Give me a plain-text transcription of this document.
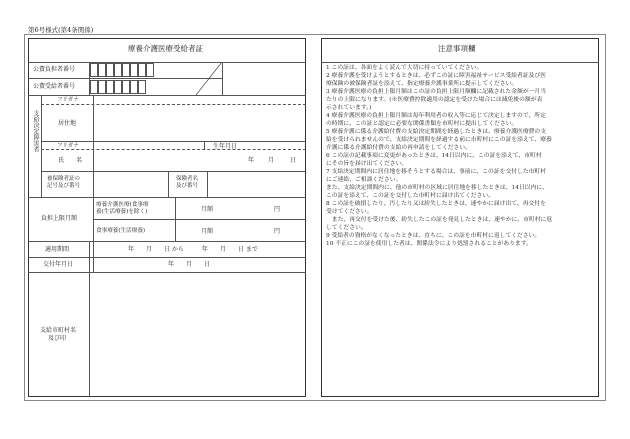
第6号様式(第4条関係)
療養介護医療受給者証
公費負担者番号
公費受給者番号
支給決定障害者
フリガナ
居住地
フリガナ	生年月日
氏　　名	年 月	日
被保険者証の
記号及び番号
保険者名
及び番号
負担上限月額
療養介護医療(食事療
養(生活療養)を除く)	月額	円
食事療養(生活療養)	月額	円
適用期間	年　　月　　日 から　　　年　　月　　日 まで
交付年月日	年　　月　　日
支給市町村名
及び印
注意事項欄
1 この証は、各面をよく読んで大切に持っていてください。
2 療養介護を受けようとするときは、必ずこの証に障害福祉サービス受給者証及び医
療保険の被保険者証を添えて、指定療養介護事業所に提示してください。
3 療養介護医療の負担上限月額はこの証の負担上限月額欄に記載された金額が一月当
たりの上限になります。(※医療費控除適用の認定を受けた場合には減免後の額が表
示されています。)
4 療養介護医療の負担上限月額は毎年利用者の収入等に応じて決定しますので、所定
の時期に、この証と認定に必要な関係書類を市町村に提出してください。
5 療養介護に係る介護給付費の支給決定期間を経過したときは、療養介護医療費の支
給を受けられませんので、支給決定期間を経過する前に市町村にこの証を添えて、療養
介護に係る介護給付費の支給の再申請をしてください。
6 この証の記載事項に変更があったときは、14日以内に、この証を添えて、市町村
にその旨を届け出てください。
7 支給決定期間内に居住地を移そうとする場合は、事前に、この証を交付した市町村
にご連絡、ご相談ください。
また、支給決定期間内に、他の市町村の区域に居住地を移したときは、14日以内に、
この証を添えて、この証を交付した市町村に届け出てください。
8 この証を破損したり、汚したり又は紛失したときは、速やかに届け出て、再交付を
受けてください。
　また、再交付を受けた後、紛失したこの証を発見したときは、速やかに、市町村に返
してください。
9 受給者の資格がなくなったときは、直ちに、この証を市町村に返してください。
10 不正にこの証を使用した者は、関係法令により処罰されることがあります。
